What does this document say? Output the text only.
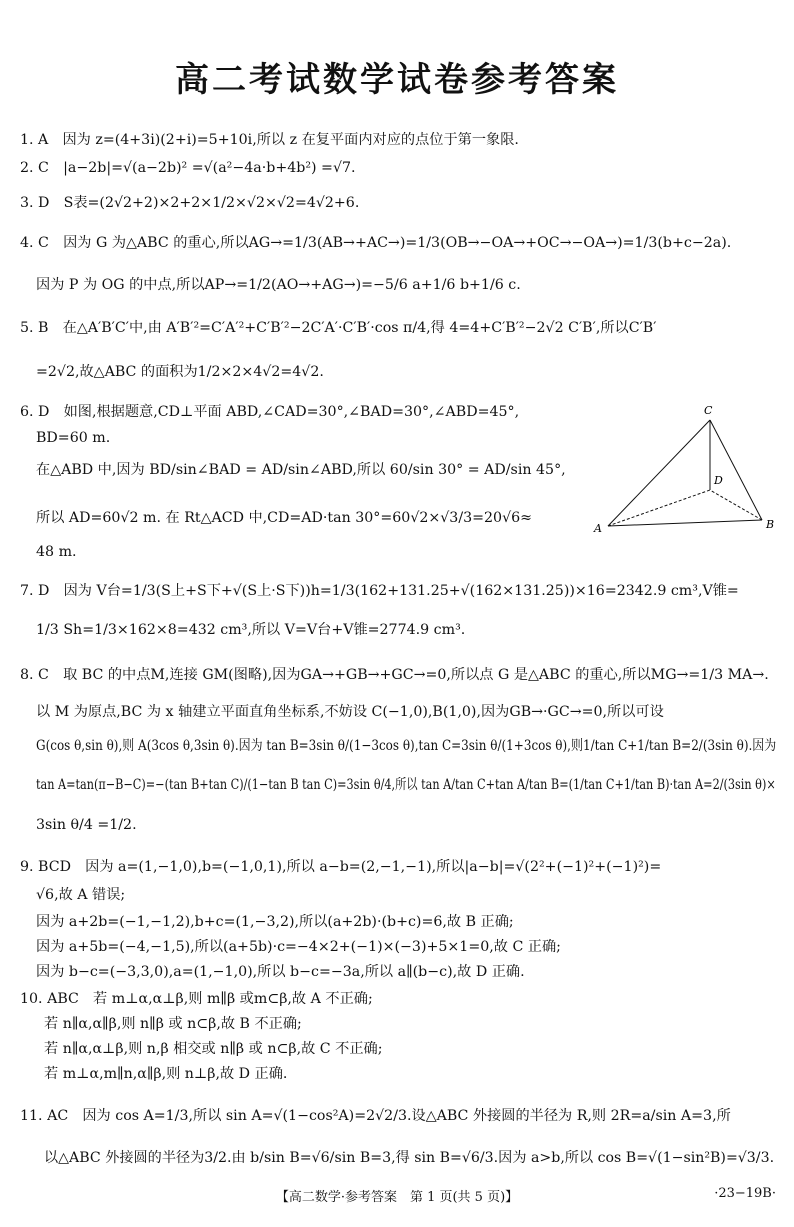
高二考试数学试卷参考答案
1. A　因为 z=(4+3i)(2+i)=5+10i,所以 z 在复平面内对应的点位于第一象限.
2. C　|a−2b|=√(a−2b)² =√(a²−4a·b+4b²) =√7.
3. D　S表=(2√2+2)×2+2×1/2×√2×√2=4√2+6.
4. C　因为 G 为△ABC 的重心,所以AG→=1/3(AB→+AC→)=1/3(OB→−OA→+OC→−OA→)=1/3(b+c−2a).
因为 P 为 OG 的中点,所以AP→=1/2(AO→+AG→)=−5/6 a+1/6 b+1/6 c.
5. B　在△A′B′C′中,由 A′B′²=C′A′²+C′B′²−2C′A′·C′B′·cos π/4,得 4=4+C′B′²−2√2 C′B′,所以C′B′
=2√2,故△ABC 的面积为1/2×2×4√2=4√2.
6. D　如图,根据题意,CD⊥平面 ABD,∠CAD=30°,∠BAD=30°,∠ABD=45°,
BD=60 m.
在△ABD 中,因为 BD/sin∠BAD = AD/sin∠ABD,所以 60/sin 30° = AD/sin 45°,
所以 AD=60√2 m. 在 Rt△ACD 中,CD=AD·tan 30°=60√2×√3/3=20√6≈
48 m.
7. D　因为 V台=1/3(S上+S下+√(S上·S下))h=1/3(162+131.25+√(162×131.25))×16=2342.9 cm³,V锥=
1/3 Sh=1/3×162×8=432 cm³,所以 V=V台+V锥=2774.9 cm³.
8. C　取 BC 的中点M,连接 GM(图略),因为GA→+GB→+GC→=0,所以点 G 是△ABC 的重心,所以MG→=1/3 MA→.
以 M 为原点,BC 为 x 轴建立平面直角坐标系,不妨设 C(−1,0),B(1,0),因为GB→·GC→=0,所以可设
G(cos θ,sin θ),则 A(3cos θ,3sin θ).因为 tan B=3sin θ/(1−3cos θ),tan C=3sin θ/(1+3cos θ),则1/tan C+1/tan B=2/(3sin θ).因为
tan A=tan(π−B−C)=−(tan B+tan C)/(1−tan B tan C)=3sin θ/4,所以 tan A/tan C+tan A/tan B=(1/tan C+1/tan B)·tan A=2/(3sin θ)×
3sin θ/4 =1/2.
9. BCD　因为 a=(1,−1,0),b=(−1,0,1),所以 a−b=(2,−1,−1),所以|a−b|=√(2²+(−1)²+(−1)²)=
√6,故 A 错误;
因为 a+2b=(−1,−1,2),b+c=(1,−3,2),所以(a+2b)·(b+c)=6,故 B 正确;
因为 a+5b=(−4,−1,5),所以(a+5b)·c=−4×2+(−1)×(−3)+5×1=0,故 C 正确;
因为 b−c=(−3,3,0),a=(1,−1,0),所以 b−c=−3a,所以 a∥(b−c),故 D 正确.
10. ABC　若 m⊥α,α⊥β,则 m∥β 或m⊂β,故 A 不正确;
若 n∥α,α∥β,则 n∥β 或 n⊂β,故 B 不正确;
若 n∥α,α⊥β,则 n,β 相交或 n∥β 或 n⊂β,故 C 不正确;
若 m⊥α,m∥n,α∥β,则 n⊥β,故 D 正确.
11. AC　因为 cos A=1/3,所以 sin A=√(1−cos²A)=2√2/3.设△ABC 外接圆的半径为 R,则 2R=a/sin A=3,所
以△ABC 外接圆的半径为3/2.由 b/sin B=√6/sin B=3,得 sin B=√6/3.因为 a>b,所以 cos B=√(1−sin²B)=√3/3.
C
D
A	B
【高二数学·参考答案　第 1 页(共 5 页)】	·23−19B·
